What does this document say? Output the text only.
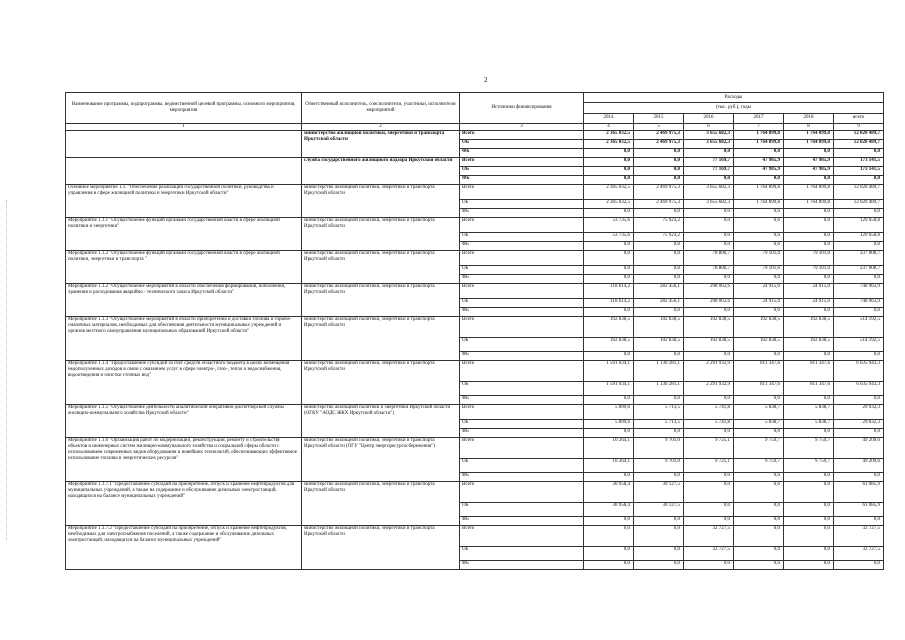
2
Наименование программы, подпрограммы, ведомственной целевой программы, основного мероприятия, мероприятия	Ответственный исполнитель, соисполнители, участники, исполнители мероприятий	Источники финансирования	Расходы					
			(тыс. руб.), годы					
			2014	2015	2016	2017	2018	всего
1	2	3	4	5	6	7	8	9
	министерство жилищной политики, энергетики и транспорта Иркутской области	Всего	2 365 032,5	2 469 975,3	3 655 682,3	1 764 899,8	1 764 899,8	12 020 489,7
		ОБ	2 365 032,5	2 469 975,3	3 655 682,3	1 764 899,8	1 764 899,8	12 020 489,7
		ФБ	0,0	0,0	0,0	0,0	0,0	0,0
	служба государственного жилищного надзора Иркутской области	Всего	0,0	0,0	77 169,7	47 985,9	47 985,9	173 141,5
		ОБ	0,0	0,0	77 169,7	47 985,9	47 985,9	173 141,5
		ФБ	0,0	0,0	0,0	0,0	0,0	0,0
Основное мероприятие 1.1. "Обеспечение реализации государственной политики, руководства и управления в сфере жилищной политики и энергетики Иркутской области"	министерство жилищной политики, энергетики и транспорта Иркутской области	Всего	2 365 032,5	2 469 975,3	3 655 682,3	1 764 899,8	1 764 899,8	12 020 489,7
		ОБ	2 365 032,5	2 469 975,3	3 655 682,3	1 764 899,8	1 764 899,8	12 020 489,7
		ФБ	0,0	0,0	0,0	0,0	0,0	0,0
Мероприятие 1.1.1 "Осуществление функций органами государственной власти в сфере жилищной политики и энергетики"	министерство жилищной политики, энергетики и транспорта Иркутской области	Всего	53 735,6	75 923,2	0,0	0,0	0,0	129 658,8
		ОБ	53 735,6	75 923,2	0,0	0,0	0,0	129 658,8
		ФБ	0,0	0,0	0,0	0,0	0,0	0,0
Мероприятие 1.1.2 "Осуществление функций органами государственной власти в сфере жилищной политики, энергетики и транспорта "	министерство жилищной политики, энергетики и транспорта Иркутской области	Всего	0,0	0,0	78 806,7	79 101,0	79 101,0	237 008,7
		ОБ	0,0	0,0	78 806,7	79 101,0	79 101,0	237 008,7
		ФБ	0,0	0,0	0,0	0,0	0,0	0,0
Мероприятие 1.1.2 "Осуществление мероприятий в области обеспечения формирования, пополнения, хранения и расходования аварийно - технического запаса Иркутской области"	министерство жилищной политики, энергетики и транспорта Иркутской области	Всего	118 614,2	282 456,1	298 063,6	24 915,0	24 915,0	748 963,9
		ОБ	118 614,2	282 456,1	298 063,6	24 915,0	24 915,0	748 963,9
		ФБ	0,0	0,0	0,0	0,0	0,0	0,0
Мероприятие 1.1.3 "Осуществление мероприятий в области приобретения и доставки топлива и горюче-смазочных материалов, необходимых для обеспечения деятельности муниципальных учреждений и органов местного самоуправления муниципальных образований Иркутской области"	министерство жилищной политики, энергетики и транспорта Иркутской области	Всего	102 838,5	102 838,5	102 838,5	102 838,5	102 838,5	514 192,5
		ОБ	102 838,5	102 838,5	102 838,5	102 838,5	102 838,5	514 192,5
		ФБ	0,0	0,0	0,0	0,0	0,0	0,0
Мероприятие 1.1.4 "Предоставление субсидий за счет средств областного бюджета в целях возмещения недополученных доходов в связи с оказанием услуг в сфере электро-, газо-, тепло и водоснабжения, водоотведения и очистки сточных вод"	министерство жилищной политики, энергетики и транспорта Иркутской области	Всего	1 591 034,1	1 130 281,1	2 291 932,9	811 347,6	811 347,6	6 635 943,3
		ОБ	1 591 034,1	1 130 281,1	2 291 932,9	811 347,6	811 347,6	6 635 943,3
		ФБ	0,0	0,0	0,0	0,0	0,0	0,0
Мероприятие 1.1.5 "Осуществление деятельности аналитической оперативно-диспетчерской службы жилищно-коммунального хозяйства Иркутской области"	министерство жилищной политики и энергетики Иркутской области (ОГКУ "АОДС ЖКХ Иркутской области")	Всего	5 899,6	5 713,5	5 741,8	5 838,7	5 838,7	29 032,3
		ОБ	5 899,6	5 713,5	5 741,8	5 838,7	5 838,7	29 032,3
		ФБ	0,0	0,0	0,0	0,0	0,0	0,0
Мероприятие 1.1.6 "Организация работ по модернизации, реконструкции, ремонту и строительству объектов и инженерных систем жилищно-коммунального хозяйства и социальной сферы области с использованием современных видов оборудования и новейших технологий, обеспечивающих эффективное использование топлива и энергетических ресурсов"	министерство жилищной политики, энергетики и транспорта Иркутской области (ОГУ "Центр энергоресурсосбережения")	Всего	10 264,1	9 701,0	9 725,1	9 759,7	9 759,7	49 209,6
		ОБ	10 264,1	9 701,0	9 725,1	9 759,7	9 759,7	49 209,6
		ФБ	0,0	0,0	0,0	0,0	0,0	0,0
Мероприятие 1.1.7.1 "Предоставление субсидий на приобретение, отпуск и хранение нефтепродуктов для муниципальных учреждений, а также на содержание и обслуживание дизельных электростанций, находящихся на балансе муниципальных учреждений"	министерство жилищной политики, энергетики и транспорта Иркутской области	Всего	30 958,4	30 127,5	0,0	0,0	0,0	61 085,9
		ОБ	30 958,4	30 127,5	0,0	0,0	0,0	61 085,9
		ФБ	0,0	0,0	0,0	0,0	0,0	0,0
Мероприятие 1.1.7.2 "Предоставление субсидий на приобретение, отпуск и хранение нефтепродуктов, необходимых для электроснабжения поселений, а также содержание и обслуживание дизельных электростанций, находящихся на балансе муниципальных учреждений"	министерство жилищной политики, энергетики и транспорта Иркутской области	Всего	0,0	0,0	32 727,5	0,0	0,0	32 727,5
		ОБ	0,0	0,0	32 727,5	0,0	0,0	32 727,5
		ФБ	0,0	0,0	0,0	0,0	0,0	0,0
